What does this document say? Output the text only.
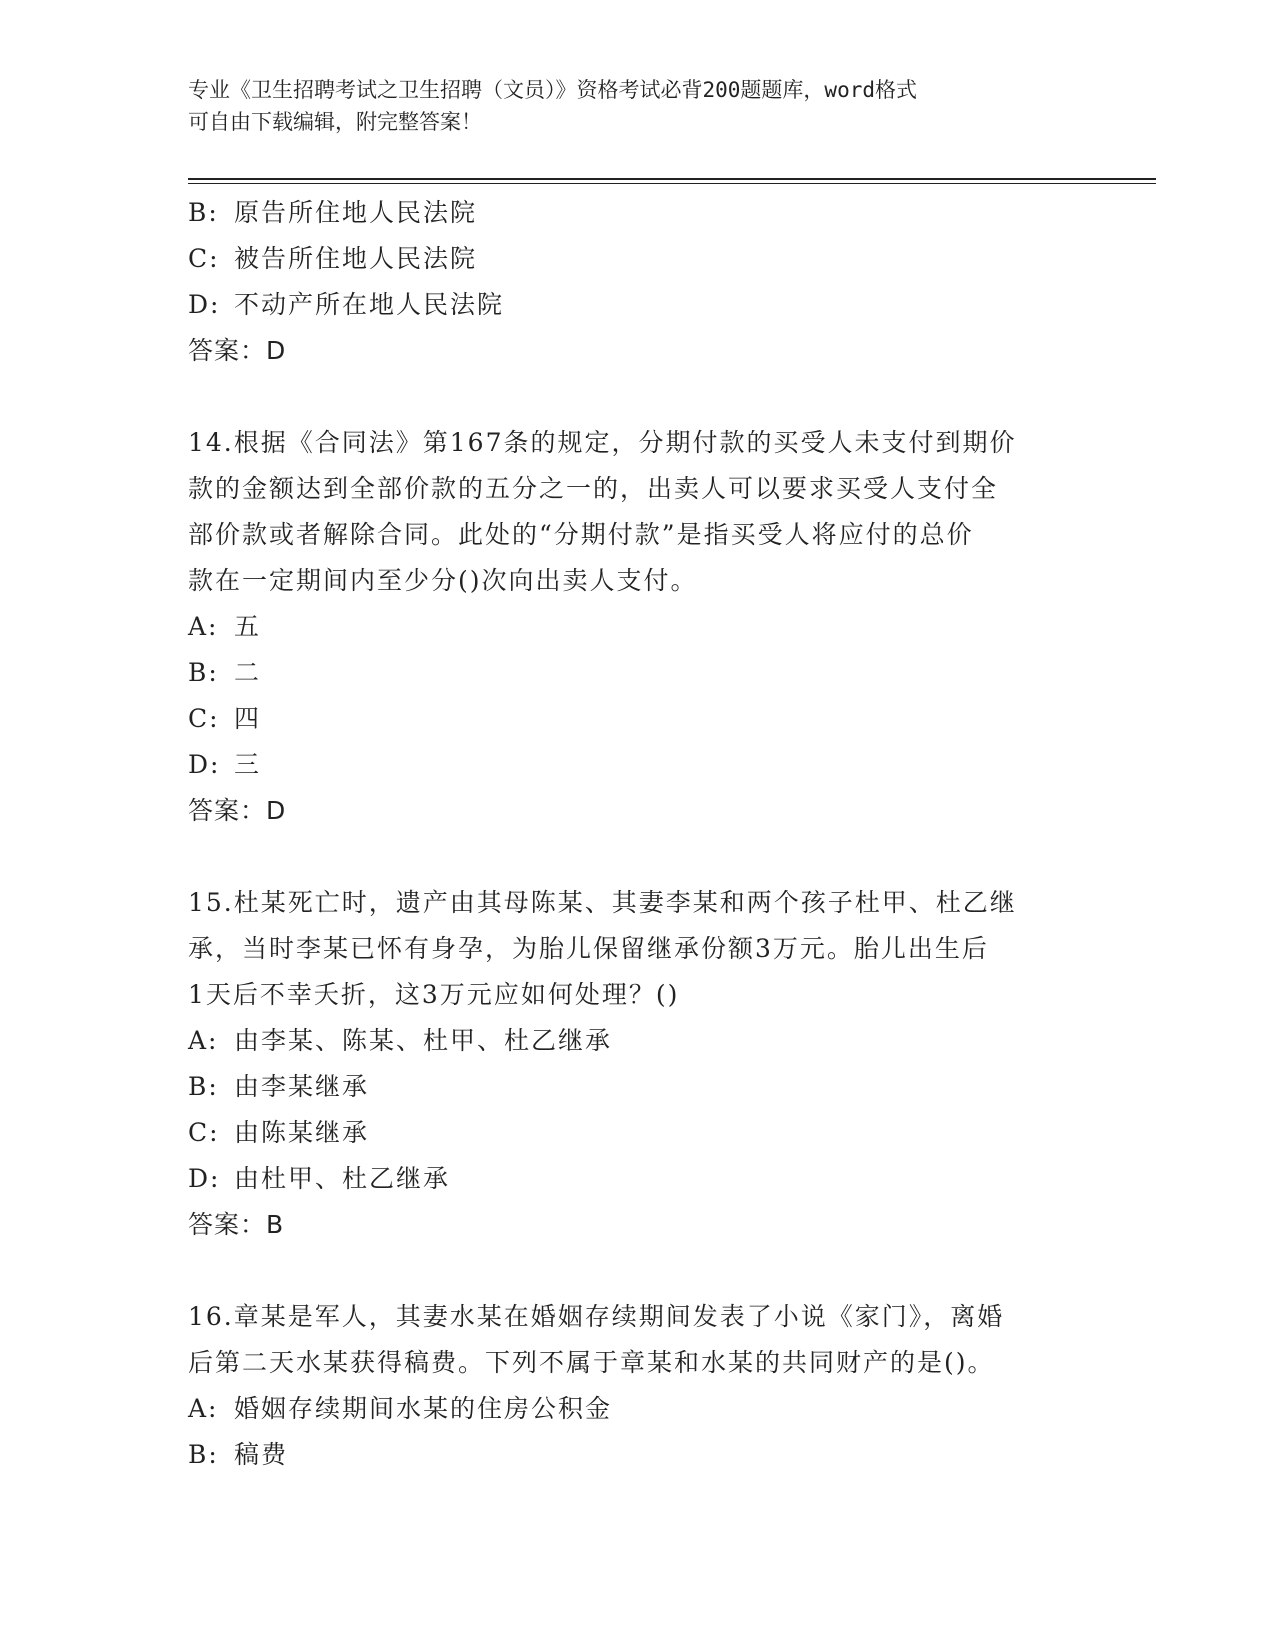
专业《卫生招聘考试之卫生招聘（文员）》资格考试必背200题题库，word格式
可自由下载编辑，附完整答案！
B: 原告所住地人民法院
C: 被告所住地人民法院
D: 不动产所在地人民法院
答案：D
14.根据《合同法》第167条的规定，分期付款的买受人未支付到期价
款的金额达到全部价款的五分之一的，出卖人可以要求买受人支付全
部价款或者解除合同。此处的“分期付款”是指买受人将应付的总价
款在一定期间内至少分()次向出卖人支付。
A: 五
B: 二
C: 四
D: 三
答案：D
15.杜某死亡时，遗产由其母陈某、其妻李某和两个孩子杜甲、杜乙继
承，当时李某已怀有身孕，为胎儿保留继承份额3万元。胎儿出生后
1天后不幸夭折，这3万元应如何处理？()
A: 由李某、陈某、杜甲、杜乙继承
B: 由李某继承
C: 由陈某继承
D: 由杜甲、杜乙继承
答案：B
16.章某是军人，其妻水某在婚姻存续期间发表了小说《家门》，离婚
后第二天水某获得稿费。下列不属于章某和水某的共同财产的是()。
A: 婚姻存续期间水某的住房公积金
B: 稿费
